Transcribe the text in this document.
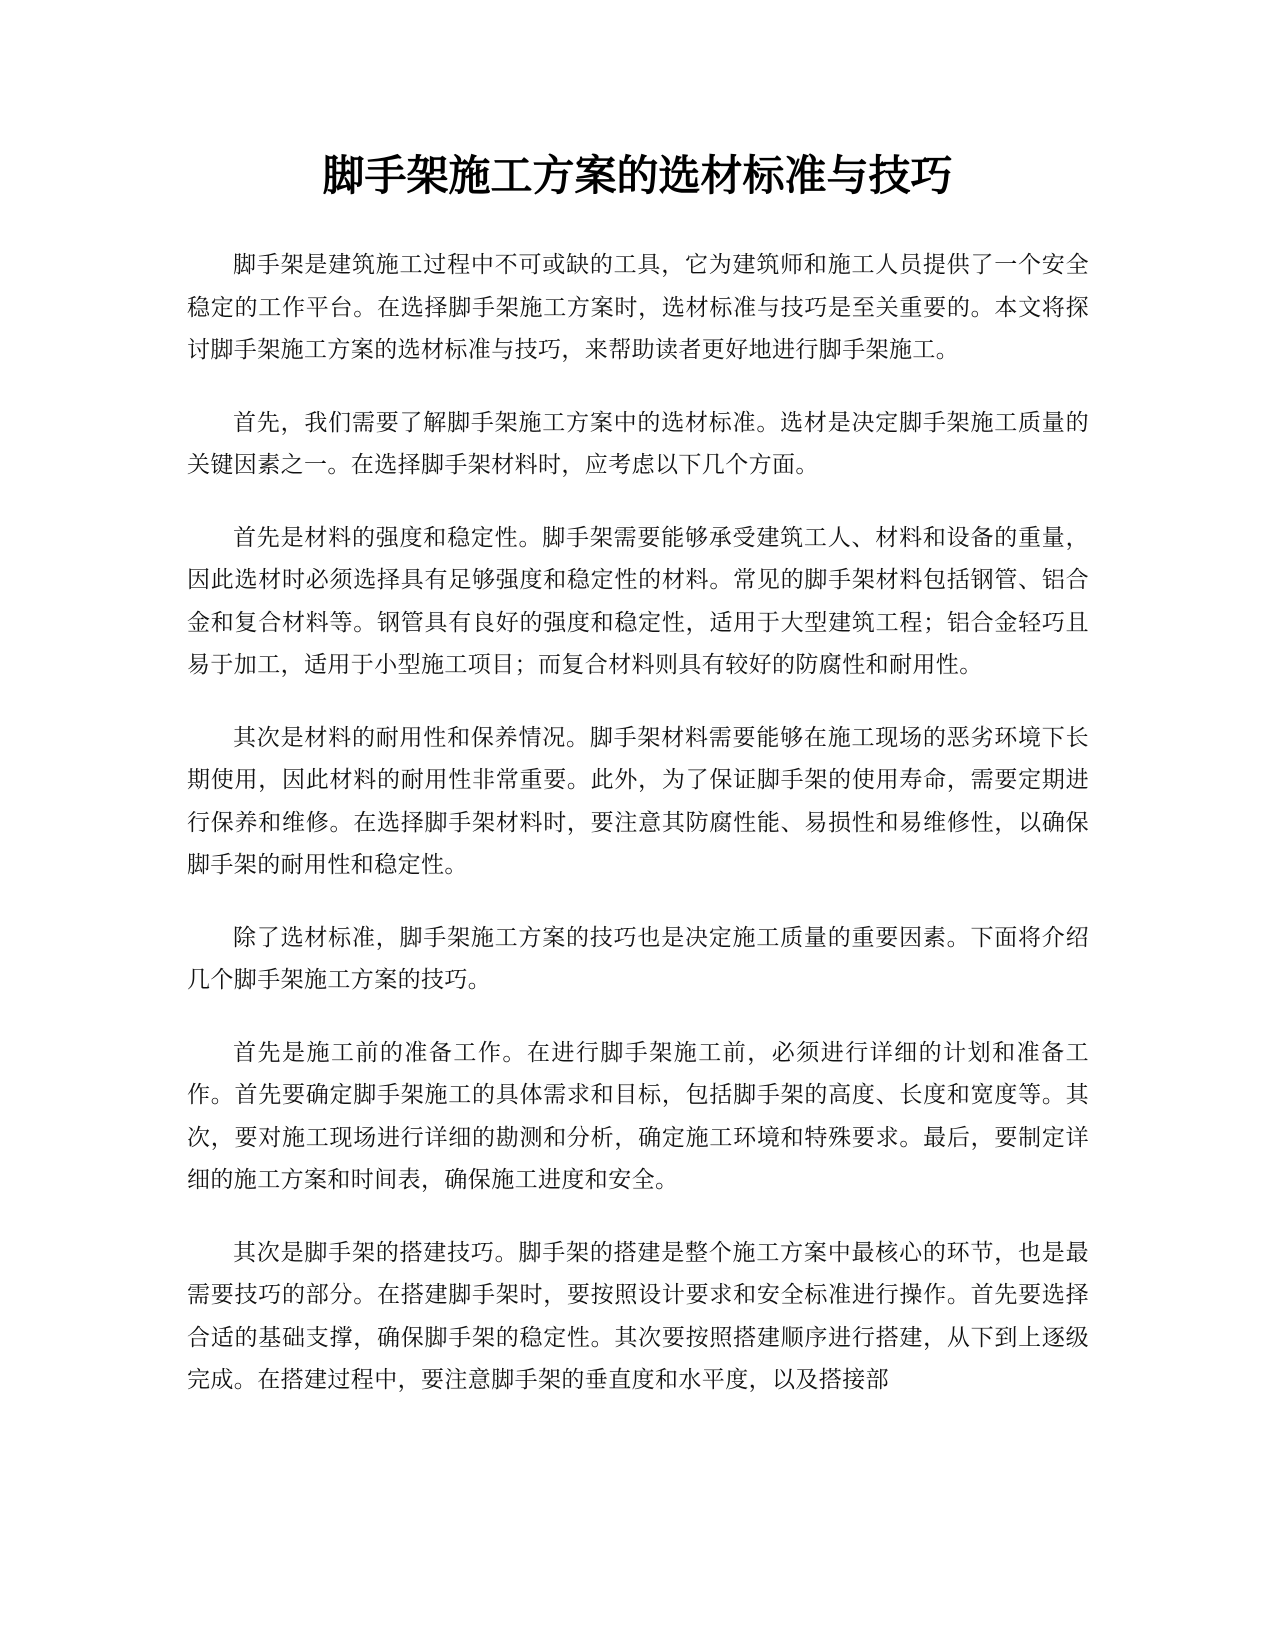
脚手架施工方案的选材标准与技巧

脚手架是建筑施工过程中不可或缺的工具，它为建筑师和施工人员提供了一个安全稳定的工作平台。在选择脚手架施工方案时，选材标准与技巧是至关重要的。本文将探讨脚手架施工方案的选材标准与技巧，来帮助读者更好地进行脚手架施工。

首先，我们需要了解脚手架施工方案中的选材标准。选材是决定脚手架施工质量的关键因素之一。在选择脚手架材料时，应考虑以下几个方面。

首先是材料的强度和稳定性。脚手架需要能够承受建筑工人、材料和设备的重量，因此选材时必须选择具有足够强度和稳定性的材料。常见的脚手架材料包括钢管、铝合金和复合材料等。钢管具有良好的强度和稳定性，适用于大型建筑工程；铝合金轻巧且易于加工，适用于小型施工项目；而复合材料则具有较好的防腐性和耐用性。

其次是材料的耐用性和保养情况。脚手架材料需要能够在施工现场的恶劣环境下长期使用，因此材料的耐用性非常重要。此外，为了保证脚手架的使用寿命，需要定期进行保养和维修。在选择脚手架材料时，要注意其防腐性能、易损性和易维修性，以确保脚手架的耐用性和稳定性。

除了选材标准，脚手架施工方案的技巧也是决定施工质量的重要因素。下面将介绍几个脚手架施工方案的技巧。

首先是施工前的准备工作。在进行脚手架施工前，必须进行详细的计划和准备工作。首先要确定脚手架施工的具体需求和目标，包括脚手架的高度、长度和宽度等。其次，要对施工现场进行详细的勘测和分析，确定施工环境和特殊要求。最后，要制定详细的施工方案和时间表，确保施工进度和安全。

其次是脚手架的搭建技巧。脚手架的搭建是整个施工方案中最核心的环节，也是最需要技巧的部分。在搭建脚手架时，要按照设计要求和安全标准进行操作。首先要选择合适的基础支撑，确保脚手架的稳定性。其次要按照搭建顺序进行搭建，从下到上逐级完成。在搭建过程中，要注意脚手架的垂直度和水平度，以及搭接部
